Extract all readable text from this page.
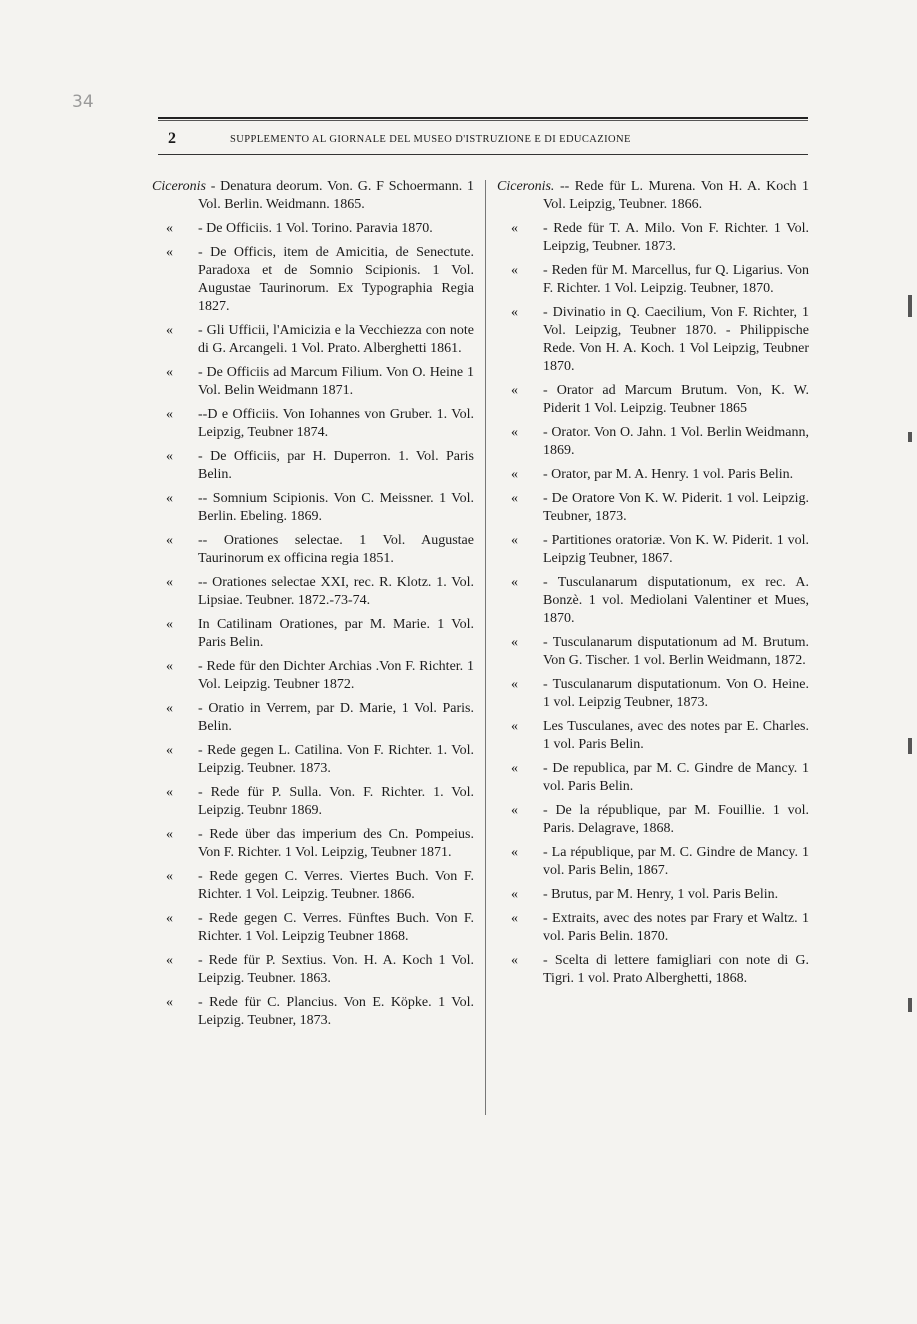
34
2	SUPPLEMENTO AL GIORNALE DEL MUSEO D'ISTRUZIONE E DI EDUCAZIONE
Ciceronis - Denatura deorum. Von. G. F Schoermann. 1 Vol. Berlin. Weidmann. 1865.
« - De Officiis. 1 Vol. Torino. Paravia 1870.
« - De Officis, item de Amicitia, de Senectute. Paradoxa et de Somnio Scipionis. 1 Vol. Augustae Taurinorum. Ex Typographia Regia 1827.
« - Gli Ufficii, l'Amicizia e la Vecchiezza con note di G. Arcangeli. 1 Vol. Prato. Alberghetti 1861.
« - De Officiis ad Marcum Filium. Von O. Heine 1 Vol. Belin Weidmann 1871.
« --D e Officiis. Von Iohannes von Gruber. 1. Vol. Leipzig, Teubner 1874.
« - De Officiis, par H. Duperron. 1. Vol. Paris Belin.
« -- Somnium Scipionis. Von C. Meissner. 1 Vol. Berlin. Ebeling. 1869.
« -- Orationes selectae. 1 Vol. Augustae Taurinorum ex officina regia 1851.
« -- Orationes selectae XXI, rec. R. Klotz. 1. Vol. Lipsiae. Teubner. 1872.-73-74.
« In Catilinam Orationes, par M. Marie. 1 Vol. Paris Belin.
« - Rede für den Dichter Archias .Von F. Richter. 1 Vol. Leipzig. Teubner 1872.
« - Oratio in Verrem, par D. Marie, 1 Vol. Paris. Belin.
« - Rede gegen L. Catilina. Von F. Richter. 1. Vol. Leipzig. Teubner. 1873.
« - Rede für P. Sulla. Von. F. Richter. 1. Vol. Leipzig. Teubnr 1869.
« - Rede über das imperium des Cn. Pompeius. Von F. Richter. 1 Vol. Leipzig, Teubner 1871.
« - Rede gegen C. Verres. Viertes Buch. Von F. Richter. 1 Vol. Leipzig. Teubner. 1866.
« - Rede gegen C. Verres. Fünftes Buch. Von F. Richter. 1 Vol. Leipzig Teubner 1868.
« - Rede für P. Sextius. Von. H. A. Koch 1 Vol. Leipzig. Teubner. 1863.
« - Rede für C. Plancius. Von E. Köpke. 1 Vol. Leipzig. Teubner, 1873.
Ciceronis. -- Rede für L. Murena. Von H. A. Koch 1 Vol. Leipzig, Teubner. 1866.
« - Rede für T. A. Milo. Von F. Richter. 1 Vol. Leipzig, Teubner. 1873.
« - Reden für M. Marcellus, fur Q. Ligarius. Von F. Richter. 1 Vol. Leipzig. Teubner, 1870.
« - Divinatio in Q. Caecilium, Von F. Richter, 1 Vol. Leipzig, Teubner 1870. - Philippische Rede. Von H. A. Koch. 1 Vol Leipzig, Teubner 1870.
« - Orator ad Marcum Brutum. Von, K. W. Piderit 1 Vol. Leipzig. Teubner 1865
« - Orator. Von O. Jahn. 1 Vol. Berlin Weidmann, 1869.
« - Orator, par M. A. Henry. 1 vol. Paris Belin.
« - De Oratore Von K. W. Piderit. 1 vol. Leipzig. Teubner, 1873.
« - Partitiones oratoriæ. Von K. W. Piderit. 1 vol. Leipzig Teubner, 1867.
« - Tusculanarum disputationum, ex rec. A. Bonzè. 1 vol. Mediolani Valentiner et Mues, 1870.
« - Tusculanarum disputationum ad M. Brutum. Von G. Tischer. 1 vol. Berlin Weidmann, 1872.
« - Tusculanarum disputationum. Von O. Heine. 1 vol. Leipzig Teubner, 1873.
« Les Tusculanes, avec des notes par E. Charles. 1 vol. Paris Belin.
« - De republica, par M. C. Gindre de Mancy. 1 vol. Paris Belin.
« - De la république, par M. Fouillie. 1 vol. Paris. Delagrave, 1868.
« - La république, par M. C. Gindre de Mancy. 1 vol. Paris Belin, 1867.
« - Brutus, par M. Henry, 1 vol. Paris Belin.
« - Extraits, avec des notes par Frary et Waltz. 1 vol. Paris Belin. 1870.
« - Scelta di lettere famigliari con note di G. Tigri. 1 vol. Prato Alberghetti, 1868.
